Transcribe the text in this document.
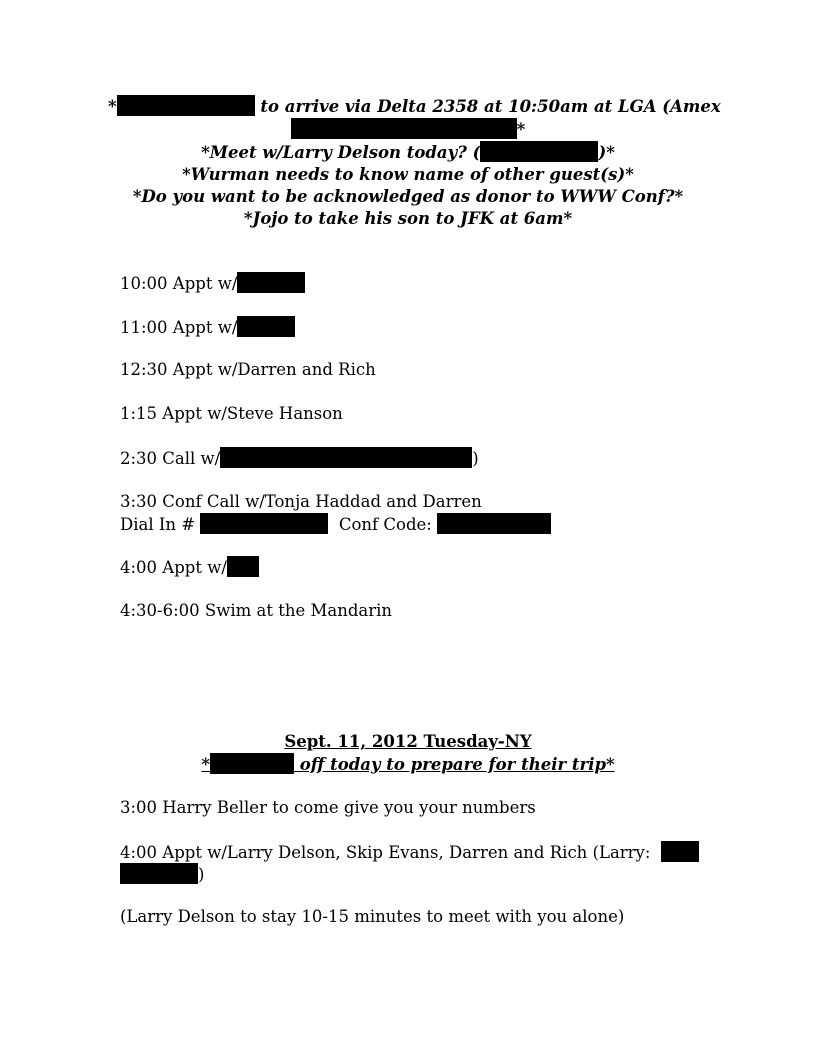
*	to arrive via Delta 2358 at 10:50am at LGA (Amex
*
*Meet w/Larry Delson today? (	)*
*Wurman needs to know name of other guest(s)*
*Do you want to be acknowledged as donor to WWW Conf?*
*Jojo to take his son to JFK at 6am*
10:00 Appt w/
11:00 Appt w/
12:30 Appt w/Darren and Rich
1:15 Appt w/Steve Hanson
2:30 Call w/	)
3:30 Conf Call w/Tonja Haddad and Darren
Dial In #	Conf Code:
4:00 Appt w/
4:30-6:00 Swim at the Mandarin
Sept. 11, 2012 Tuesday-NY
*	off today to prepare for their trip*
3:00 Harry Beller to come give you your numbers
4:00 Appt w/Larry Delson, Skip Evans, Darren and Rich (Larry:
)
(Larry Delson to stay 10-15 minutes to meet with you alone)
